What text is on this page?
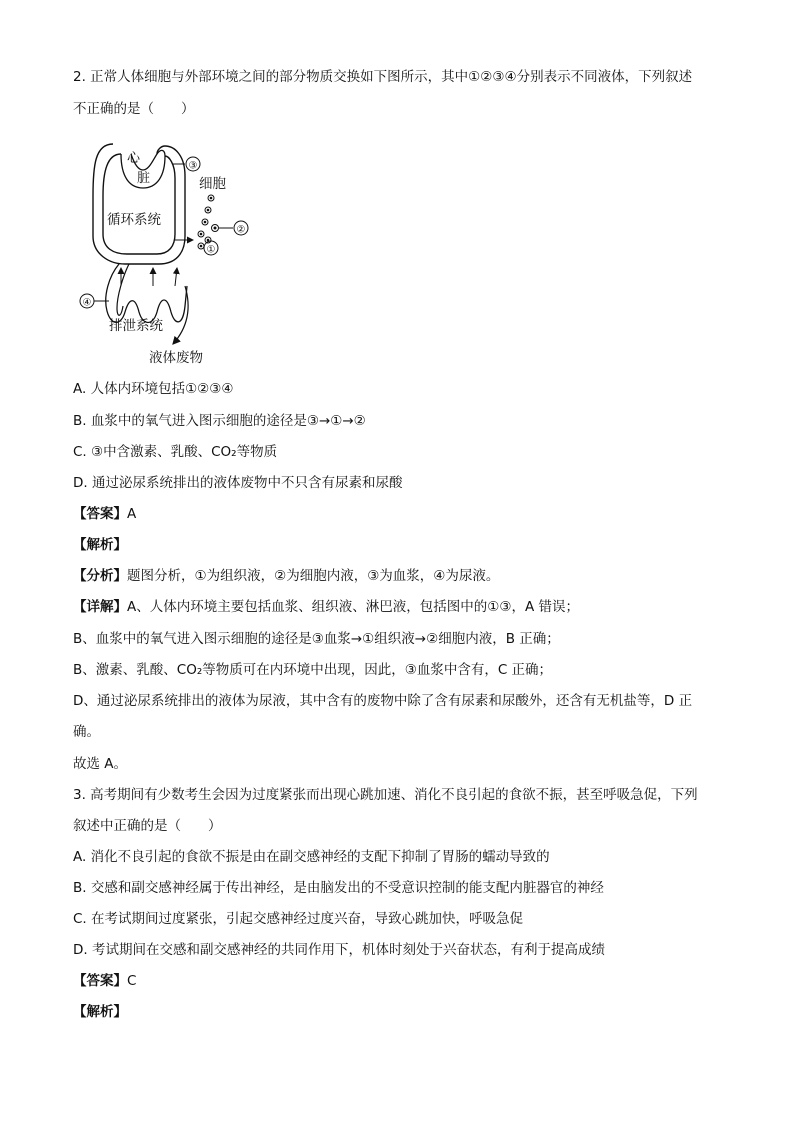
2. 正常人体细胞与外部环境之间的部分物质交换如下图所示，其中①②③④分别表示不同液体，下列叙述
不正确的是（　　）
心
脏
循环系统
③
细胞
②
①
④
排泄系统
液体废物
A. 人体内环境包括①②③④
B. 血浆中的氧气进入图示细胞的途径是③→①→②
C. ③中含激素、乳酸、CO₂等物质
D. 通过泌尿系统排出的液体废物中不只含有尿素和尿酸
【答案】A
【解析】
【分析】题图分析，①为组织液，②为细胞内液，③为血浆，④为尿液。
【详解】A、人体内环境主要包括血浆、组织液、淋巴液，包括图中的①③，A 错误；
B、血浆中的氧气进入图示细胞的途径是③血浆→①组织液→②细胞内液，B 正确；
B、激素、乳酸、CO₂等物质可在内环境中出现，因此，③血浆中含有，C 正确；
D、通过泌尿系统排出的液体为尿液，其中含有的废物中除了含有尿素和尿酸外，还含有无机盐等，D 正
确。
故选 A。
3. 高考期间有少数考生会因为过度紧张而出现心跳加速、消化不良引起的食欲不振，甚至呼吸急促，下列
叙述中正确的是（　　）
A. 消化不良引起的食欲不振是由在副交感神经的支配下抑制了胃肠的蠕动导致的
B. 交感和副交感神经属于传出神经，是由脑发出的不受意识控制的能支配内脏器官的神经
C. 在考试期间过度紧张，引起交感神经过度兴奋，导致心跳加快，呼吸急促
D. 考试期间在交感和副交感神经的共同作用下，机体时刻处于兴奋状态，有利于提高成绩
【答案】C
【解析】
